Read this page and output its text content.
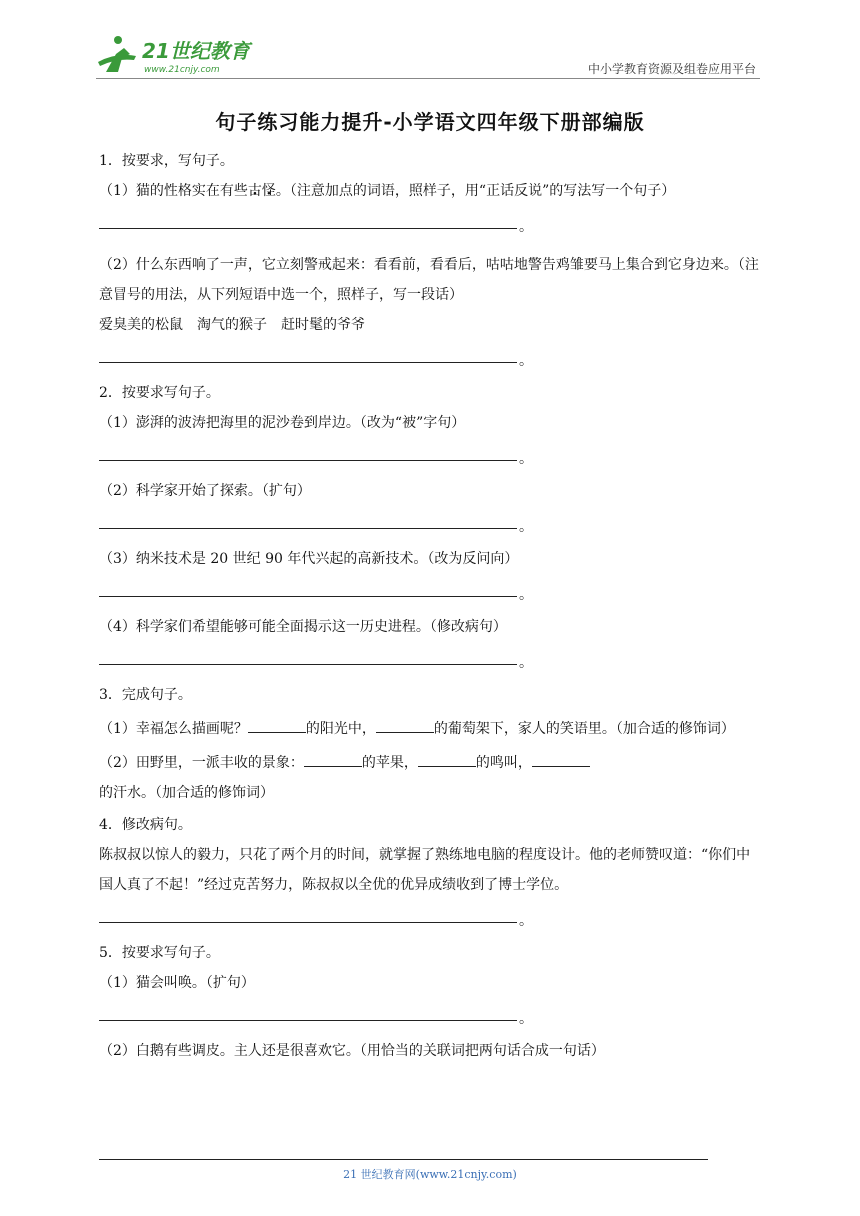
21世纪教育
www.21cnjy.com	中小学教育资源及组卷应用平台
句子练习能力提升-小学语文四年级下册部编版

1．按要求，写句子。

（1）猫的性格实在有些古 ·怪 ·。（注意加点的词语，照样子，用“正话反说”的写法写一个句子）

。

（2）什么东西响了一声，它立刻警戒起来：看看前，看看后，咕咕地警告鸡雏要马上集合到它身边来。（注意冒号的用法，从下列短语中选一个，照样子，写一段话）

爱臭美的松鼠　淘气的猴子　赶时髦的爷爷

。

2．按要求写句子。

（1）澎湃的波涛把海里的泥沙卷到岸边。（改为“被”字句）

。

（2）科学家开始了探索。（扩句）

。

（3）纳米技术是 20 世纪 90 年代兴起的高新技术。（改为反问向）

。

（4）科学家们希望能够可能全面揭示这一历史进程。（修改病句）

。

3．完成句子。

（1）幸福怎么描画呢？	的阳光中，	的葡萄架下，家人的笑语里。（加合适的修饰词）

（2）田野里，一派丰收的景象：	的苹果，	的鸣叫，的汗水。（加合适的修饰词）

4．修改病句。

陈叔叔以惊人的毅力，只花了两个月的时间，就掌握了熟练地电脑的程度设计。他的老师赞叹道：“你们中国人真了不起！”经过克苦努力，陈叔叔以全优的优异成绩收到了博士学位。

。

5．按要求写句子。

（1）猫会叫唤。（扩句）

。

（2）白鹅有些调皮。主人还是很喜欢它。（用恰当的关联词把两句话合成一句话）

21 世纪教育网(www.21cnjy.com)
